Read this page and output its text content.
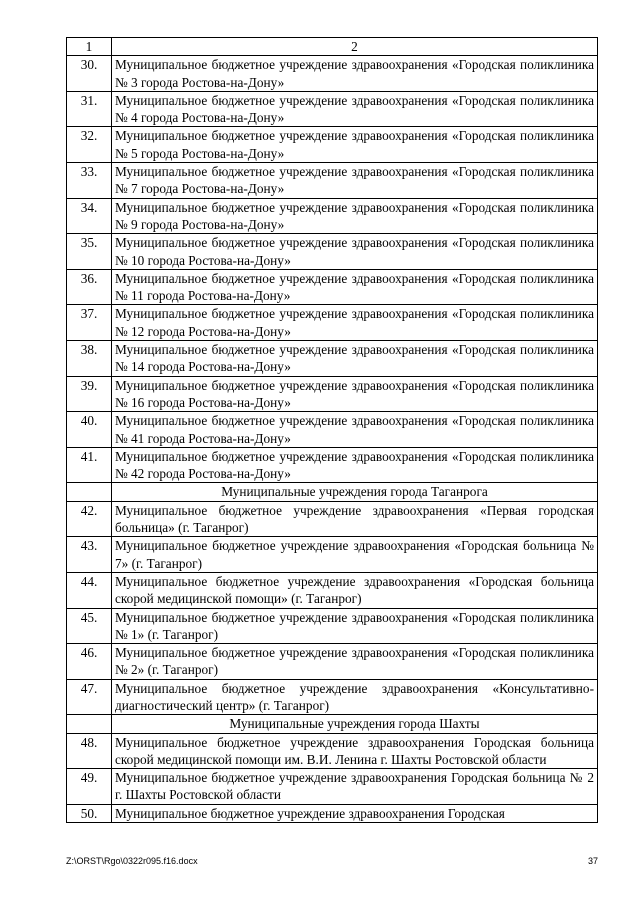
1	2
30.	Муниципальное бюджетное учреждение здравоохранения «Городская поликлиника № 3 города Ростова-на-Дону»
31.	Муниципальное бюджетное учреждение здравоохранения «Городская поликлиника № 4 города Ростова-на-Дону»
32.	Муниципальное бюджетное учреждение здравоохранения «Городская поликлиника № 5 города Ростова-на-Дону»
33.	Муниципальное бюджетное учреждение здравоохранения «Городская поликлиника № 7 города Ростова-на-Дону»
34.	Муниципальное бюджетное учреждение здравоохранения «Городская поликлиника № 9 города Ростова-на-Дону»
35.	Муниципальное бюджетное учреждение здравоохранения «Городская поликлиника № 10 города Ростова-на-Дону»
36.	Муниципальное бюджетное учреждение здравоохранения «Городская поликлиника № 11 города Ростова-на-Дону»
37.	Муниципальное бюджетное учреждение здравоохранения «Городская поликлиника № 12 города Ростова-на-Дону»
38.	Муниципальное бюджетное учреждение здравоохранения «Городская поликлиника № 14 города Ростова-на-Дону»
39.	Муниципальное бюджетное учреждение здравоохранения «Городская поликлиника № 16 города Ростова-на-Дону»
40.	Муниципальное бюджетное учреждение здравоохранения «Городская поликлиника № 41 города Ростова-на-Дону»
41.	Муниципальное бюджетное учреждение здравоохранения «Городская поликлиника № 42 города Ростова-на-Дону»
	Муниципальные учреждения города Таганрога
42.	Муниципальное бюджетное учреждение здравоохранения «Первая городская больница» (г. Таганрог)
43.	Муниципальное бюджетное учреждение здравоохранения «Городская больница № 7» (г. Таганрог)
44.	Муниципальное бюджетное учреждение здравоохранения «Городская больница скорой медицинской помощи» (г. Таганрог)
45.	Муниципальное бюджетное учреждение здравоохранения «Городская поликлиника № 1» (г. Таганрог)
46.	Муниципальное бюджетное учреждение здравоохранения «Городская поликлиника № 2» (г. Таганрог)
47.	Муниципальное бюджетное учреждение здравоохранения «Консультативно-диагностический центр» (г. Таганрог)
	Муниципальные учреждения города Шахты
48.	Муниципальное бюджетное учреждение здравоохранения Городская больница скорой медицинской помощи им. В.И. Ленина г. Шахты Ростовской области
49.	Муниципальное бюджетное учреждение здравоохранения Городская больница № 2 г. Шахты Ростовской области
50.	Муниципальное бюджетное учреждение здравоохранения Городская
Z:\ORST\Rgo\0322r095.f16.docx	37
